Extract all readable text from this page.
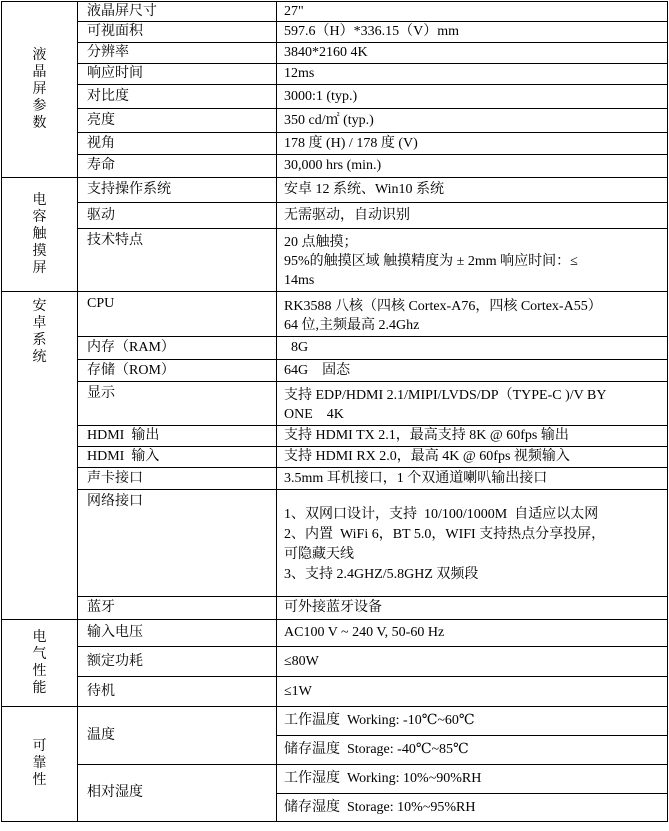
液晶屏参数	液晶屏尺寸	27"
	可视面积	597.6（H）*336.15（V）mm
	分辨率	3840*2160 4K
	响应时间	12ms
	对比度	3000:1 (typ.)
	亮度	350 cd/㎡ (typ.)
	视角	178 度 (H) / 178 度 (V)
	寿命	30,000 hrs (min.)
电容触摸屏	支持操作系统	安卓 12 系统、Win10 系统
	驱动	无需驱动，自动识别
	技术特点	20 点触摸；
95%的触摸区域 触摸精度为 ± 2mm 响应时间：≤
14ms

安卓系统	CPU	RK3588 八核（四核 Cortex-A76，四核 Cortex-A55）
64 位,主频最高 2.4Ghz

	内存（RAM）	8G
	存储（ROM）	64G    固态
	显示	支持 EDP/HDMI 2.1/MIPI/LVDS/DP（TYPE-C )/V BY
ONE    4K

	HDMI  输出	支持 HDMI TX 2.1，最高支持 8K @ 60fps 输出
	HDMI  输入	支持 HDMI RX 2.0，最高 4K @ 60fps 视频输入
	声卡接口	3.5mm 耳机接口，1 个双通道喇叭输出接口
	网络接口	1、双网口设计，支持  10/100/1000M  自适应以太网
2、内置  WiFi 6，BT 5.0，WIFI 支持热点分享投屏，
可隐藏天线
3、支持 2.4GHZ/5.8GHZ 双频段

	蓝牙	可外接蓝牙设备
电气性能	输入电压	AC100 V ~ 240 V, 50-60 Hz
	额定功耗	≤80W
	待机	≤1W
可靠性	温度	工作温度  Working: -10℃~60℃
		储存温度  Storage: -40℃~85℃
	相对湿度	工作湿度  Working: 10%~90%RH
		储存湿度  Storage: 10%~95%RH
